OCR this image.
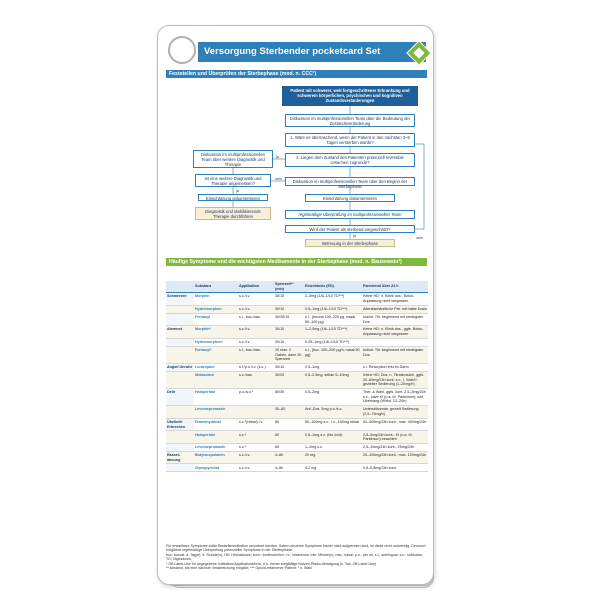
Versorgung Sterbender pocketcard Set
Feststellen und Überprüfen der Sterbephase (mod. n. CCC¹)
Patient mit schwerer, weit fortgeschrittener Erkrankung und schwerem körperlichen, psychischen und kognitiven Zustandsveränderungen
Diskussion im multiprofessionellen Team über die Bedeutung der Zustandsveränderung
1. Wäre es überraschend, wenn der Patient in den nächsten 3–5 Tagen versterben würde?
2. Liegen dem Zustand des Patienten potenziell reversible Ursachen zugrunde?
Diskussion im multiprofessionellen Team über weitere Diagnostik und Therapie
Ist eine weitere Diagnostik und Therapie angemessen?
Einschätzung dokumentieren
Diagnostik und stabilisierende Therapie durchführen
Diskussion im multiprofessionellen Team über den Beginn der Sterbephase
Einschätzung dokumentieren
regelmäßige Überprüfung im multiprofessionellen Team
Wird der Patient als sterbend eingeschätzt?
Betreuung in der Sterbephase
ja
nein
ja
ja	nein
Häufige Symptome und die wichtigsten Medikamente in der Sterbephase (mod. n. Bausewein²)
	Substanz	Applikation	Sperrzeit** (min)	Einzeldosis (ED)	Parenteral über 24 h
Schmerzen	Morphin	s.c./i.v.	30/10	2–5mg (1/6–1/10 TD***)	Keine HD; n. Klinik dos., Bolus-Anpassung nicht vergessen
	Hydromorphon	s.c./i.v.	30/10	0,5–1mg (1/6–1/10 TD***)	Altersfachärztliche Pat. mit halbe Dosis
	Fentanyl	s.l., buc./nas.	30/20/15	s.l., (buccal 100–220 µg, nasal 50–100 µg)	Indivd. Titr. beginnend mit niedrigster Dos.
Atemnot	Morphin*	s.c./i.v.	30/10	1–2,5mg (1/6–1/10 TD***)	Keine HD; n. Klinik dos., ggfs. Bolus-Anpassung nicht vergessen
	Hydromorphon*	s.c./i.v.	30/10	0,25–1mg (1/6–1/10 TD***)	
	Fentanyl*	s.l., buc./nas.	10 max. 2 Gaben, dann 2h Sperrzeit	s.l., (buc. 100–200 µg/h, nasal 50 µg)	Indivd. Titr. beginnend mit niedrigster Dos.
Angst/ Unruhe	Lorazepam	s.l./p.o./i.v. (s.c.)	30/10	0,5–1mg	s.l. Resorption erst im Darm
	Midazolam	s.c./nas.	30/20	0,5–2,5mg, seltan 5–10mg	Keine HD; Dos. n. Titrationsziel, ggfs. 20–60mg/24h kont. s.c., i. Wahl f. gezielter Sedierung (1–20mg/h)
Delir	Haloperidol	p.o./s.c.*	60/30	0,5–2mg	Ther. & Wahl, ggfs. kont. 2,5–5mg/24h s.c., cave KI (u.a. M. Parkinson); vorl. Überhang (Wirkd. 12–20h)
	Levomepromazin		30–60	Anf.-Dos. 5mg p.o./s.c.	Unterstützende, gezielt Sedierung (2,5–75mg/h)
Übelkeit/ Erbrechen	Dimenhydrinat	s.c.*(rektal) i.v.	6h	50–100mg s.c., i.v., 150mg rektal	62–300mg/24h kont., max. 400mg/24h
	Haloperidol	s.c.*	60	0,5–1mg s.c. (bis 4x/d)	2,5–5mg/24h kont., KI (u.a. M. Parkinson) beachten
	Levomepromazin	s.c.*	60	1–2mg s.c.	2,5–10mg/24h kont., 25mg/24h
Rassel-atmung	Butylscopolamin	s.c./i.v.	4–6h	20 mg	20–100mg/24h kont.; max. 120mg/24h
	Glycopyrrolat	s.c./i.v.	4–6h	0,2 mg	0,6–0,8mg/24h kont.
Für erwartbare Symptome sollte Bedarfsmedikation verordnet werden. Sofern einzelne Symptome bisher nicht aufgetreten sind, ist diese nicht notwendig. Dennoch möglichst regelmäßige Überprüfung potenzieller Symptome in der Sterbephase.
buc: buccal; d: Tag(e); h: Stunde(n); HD: Höchstdosis; kont.: kontinuierlich; i.v.: intravenös; min: Minute(n); nas.: nasal; p.o.: per os; s.l.: sublingual; s.c.: subkutan; TD: Tagesdosis;
* Off-Label-Use für angegebene Indikation/Applikationsform, d.h. immer sorgfältige Nutzen-Risiko-Abwägung (s. Tab. Off-Label-Use)
** Abstand, bis eine nächste Verabreichung möglich; *** Opioid-erfahrener Patient; ¹ n. Wahl
